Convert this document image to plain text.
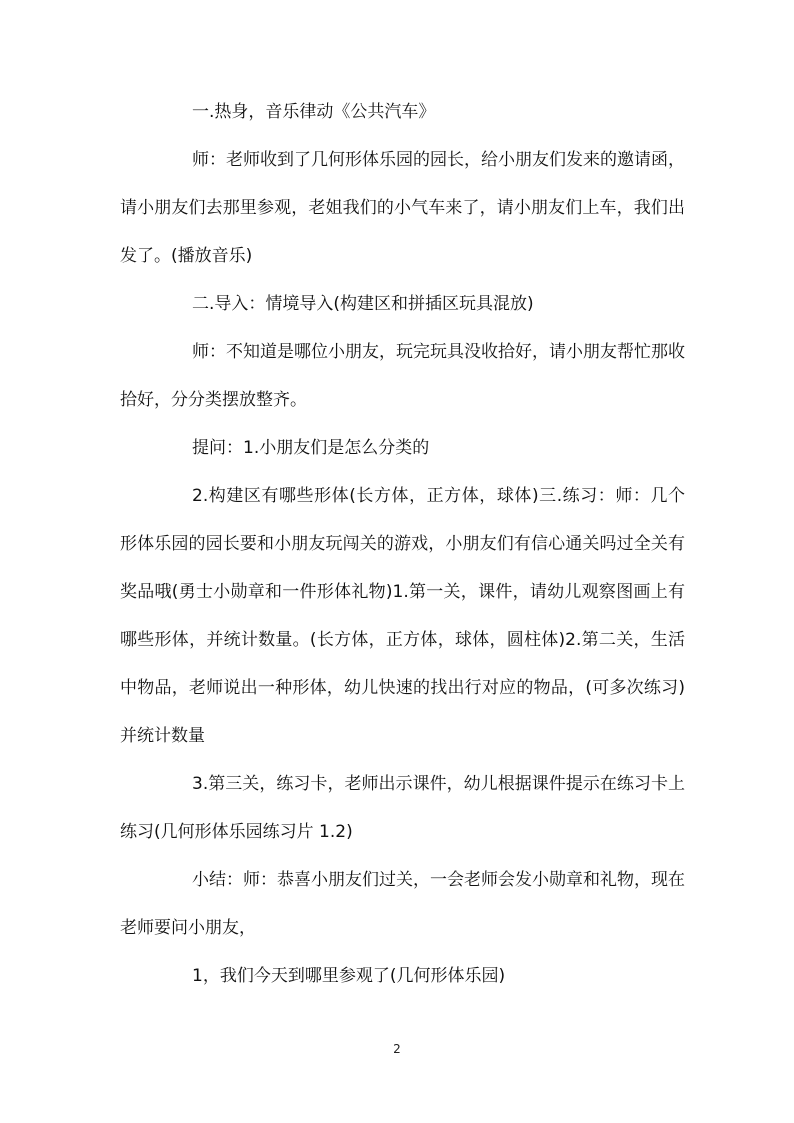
一.热身，音乐律动《公共汽车》

师：老师收到了几何形体乐园的园长，给小朋友们发来的邀请函，请小朋友们去那里参观，老姐我们的小气车来了，请小朋友们上车，我们出发了。(播放音乐)

二.导入：情境导入(构建区和拼插区玩具混放)

师：不知道是哪位小朋友，玩完玩具没收拾好，请小朋友帮忙那收拾好，分分类摆放整齐。

提问：1.小朋友们是怎么分类的

2.构建区有哪些形体(长方体，正方体，球体)三.练习：师：几个形体乐园的园长要和小朋友玩闯关的游戏，小朋友们有信心通关吗过全关有奖品哦(勇士小勋章和一件形体礼物)1.第一关，课件，请幼儿观察图画上有哪些形体，并统计数量。(长方体，正方体，球体，圆柱体)2.第二关，生活中物品，老师说出一种形体，幼儿快速的找出行对应的物品，(可多次练习)并统计数量

3.第三关，练习卡，老师出示课件，幼儿根据课件提示在练习卡上练习(几何形体乐园练习片 1.2)

小结：师：恭喜小朋友们过关，一会老师会发小勋章和礼物，现在老师要问小朋友，

1，我们今天到哪里参观了(几何形体乐园)

2
